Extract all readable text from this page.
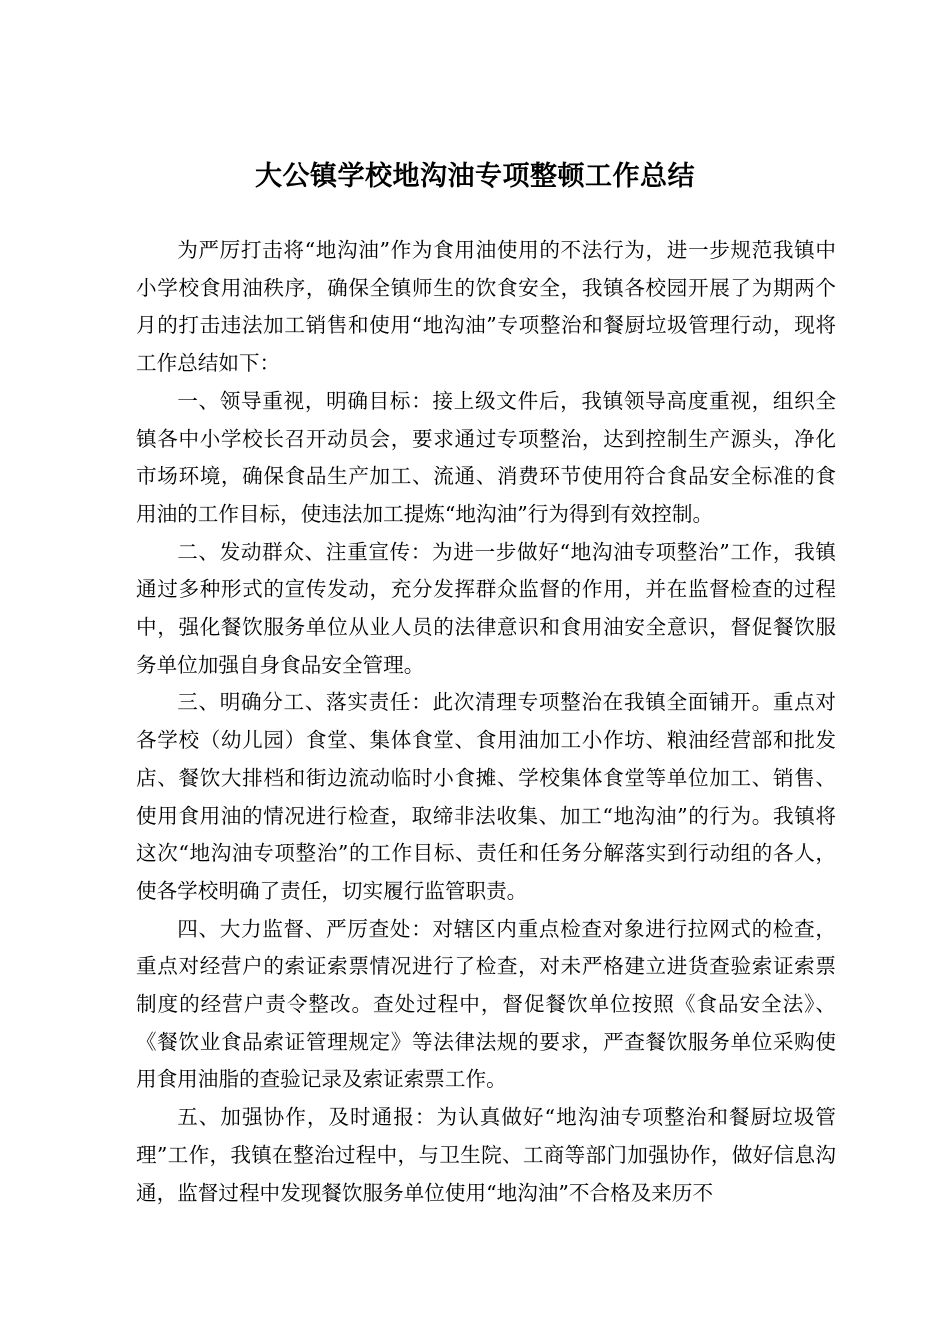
大公镇学校地沟油专项整顿工作总结

为严厉打击将“地沟油”作为食用油使用的不法行为，进一步规范我镇中小学校食用油秩序，确保全镇师生的饮食安全，我镇各校园开展了为期两个月的打击违法加工销售和使用“地沟油”专项整治和餐厨垃圾管理行动，现将工作总结如下：

一、领导重视，明确目标：接上级文件后，我镇领导高度重视，组织全镇各中小学校长召开动员会，要求通过专项整治，达到控制生产源头，净化市场环境，确保食品生产加工、流通、消费环节使用符合食品安全标准的食用油的工作目标，使违法加工提炼“地沟油”行为得到有效控制。

二、发动群众、注重宣传：为进一步做好“地沟油专项整治”工作，我镇通过多种形式的宣传发动，充分发挥群众监督的作用，并在监督检查的过程中，强化餐饮服务单位从业人员的法律意识和食用油安全意识，督促餐饮服务单位加强自身食品安全管理。

三、明确分工、落实责任：此次清理专项整治在我镇全面铺开。重点对各学校（幼儿园）食堂、集体食堂、食用油加工小作坊、粮油经营部和批发店、餐饮大排档和街边流动临时小食摊、学校集体食堂等单位加工、销售、使用食用油的情况进行检查，取缔非法收集、加工“地沟油”的行为。我镇将这次“地沟油专项整治”的工作目标、责任和任务分解落实到行动组的各人，使各学校明确了责任，切实履行监管职责。

四、大力监督、严厉查处：对辖区内重点检查对象进行拉网式的检查，重点对经营户的索证索票情况进行了检查，对未严格建立进货查验索证索票制度的经营户责令整改。查处过程中，督促餐饮单位按照《食品安全法》、《餐饮业食品索证管理规定》等法律法规的要求，严查餐饮服务单位采购使用食用油脂的查验记录及索证索票工作。

五、加强协作，及时通报：为认真做好“地沟油专项整治和餐厨垃圾管理”工作，我镇在整治过程中，与卫生院、工商等部门加强协作，做好信息沟通，监督过程中发现餐饮服务单位使用“地沟油”不合格及来历不
